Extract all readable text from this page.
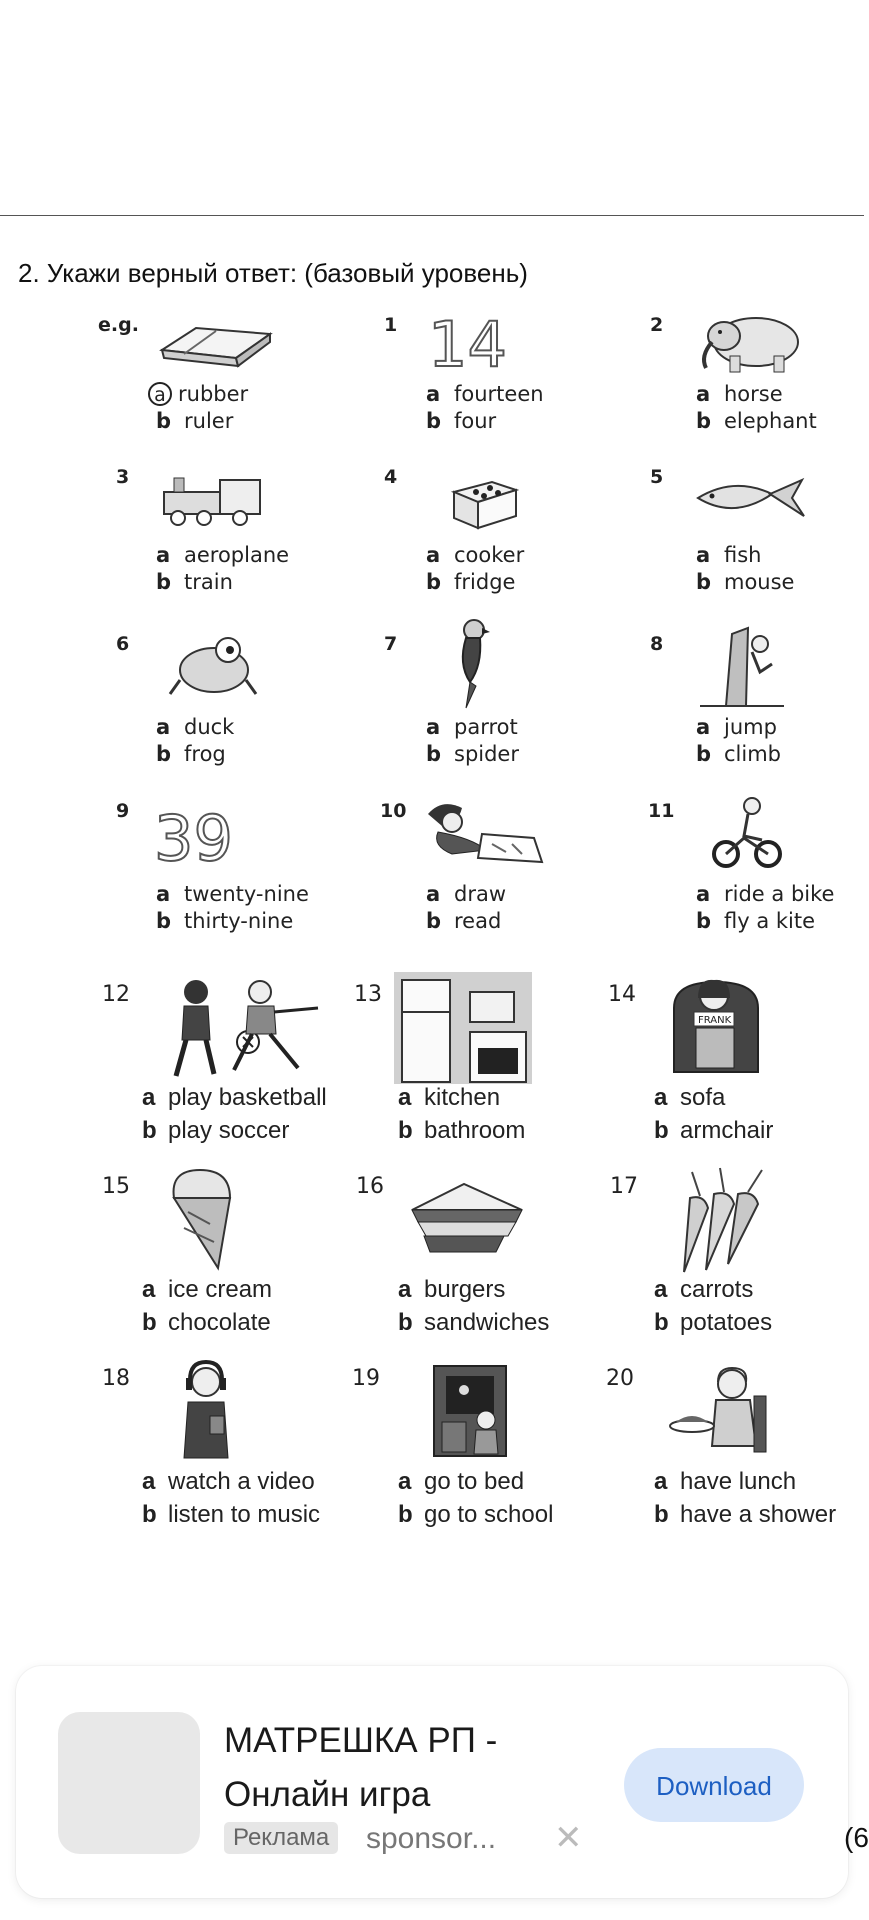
2. Укажи верный ответ: (базовый уровень)
e.g.
a rubber
b ruler
1 14
a fourteen
b four
2
a horse
b elephant
3
a aeroplane
b train
4
a cooker
b fridge
5
a fish
b mouse
6
a duck
b frog
7
a parrot
b spider
8
a jump
b climb
9 39
a twenty-nine
b thirty-nine
10
a draw
b read
11
a ride a bike
b fly a kite
12
a play basketball
b play soccer
13
a kitchen
b bathroom
14
FRANK
a sofa
b armchair
15
a ice cream
b chocolate
16
a burgers
b sandwiches
17
a carrots
b potatoes
18
a watch a video
b listen to music
19
a go to bed
b go to school
20
a have lunch
b have a shower
МАТРЕШКА РП - Онлайн игра
Реклама	sponsor... ✕
Download
(6
